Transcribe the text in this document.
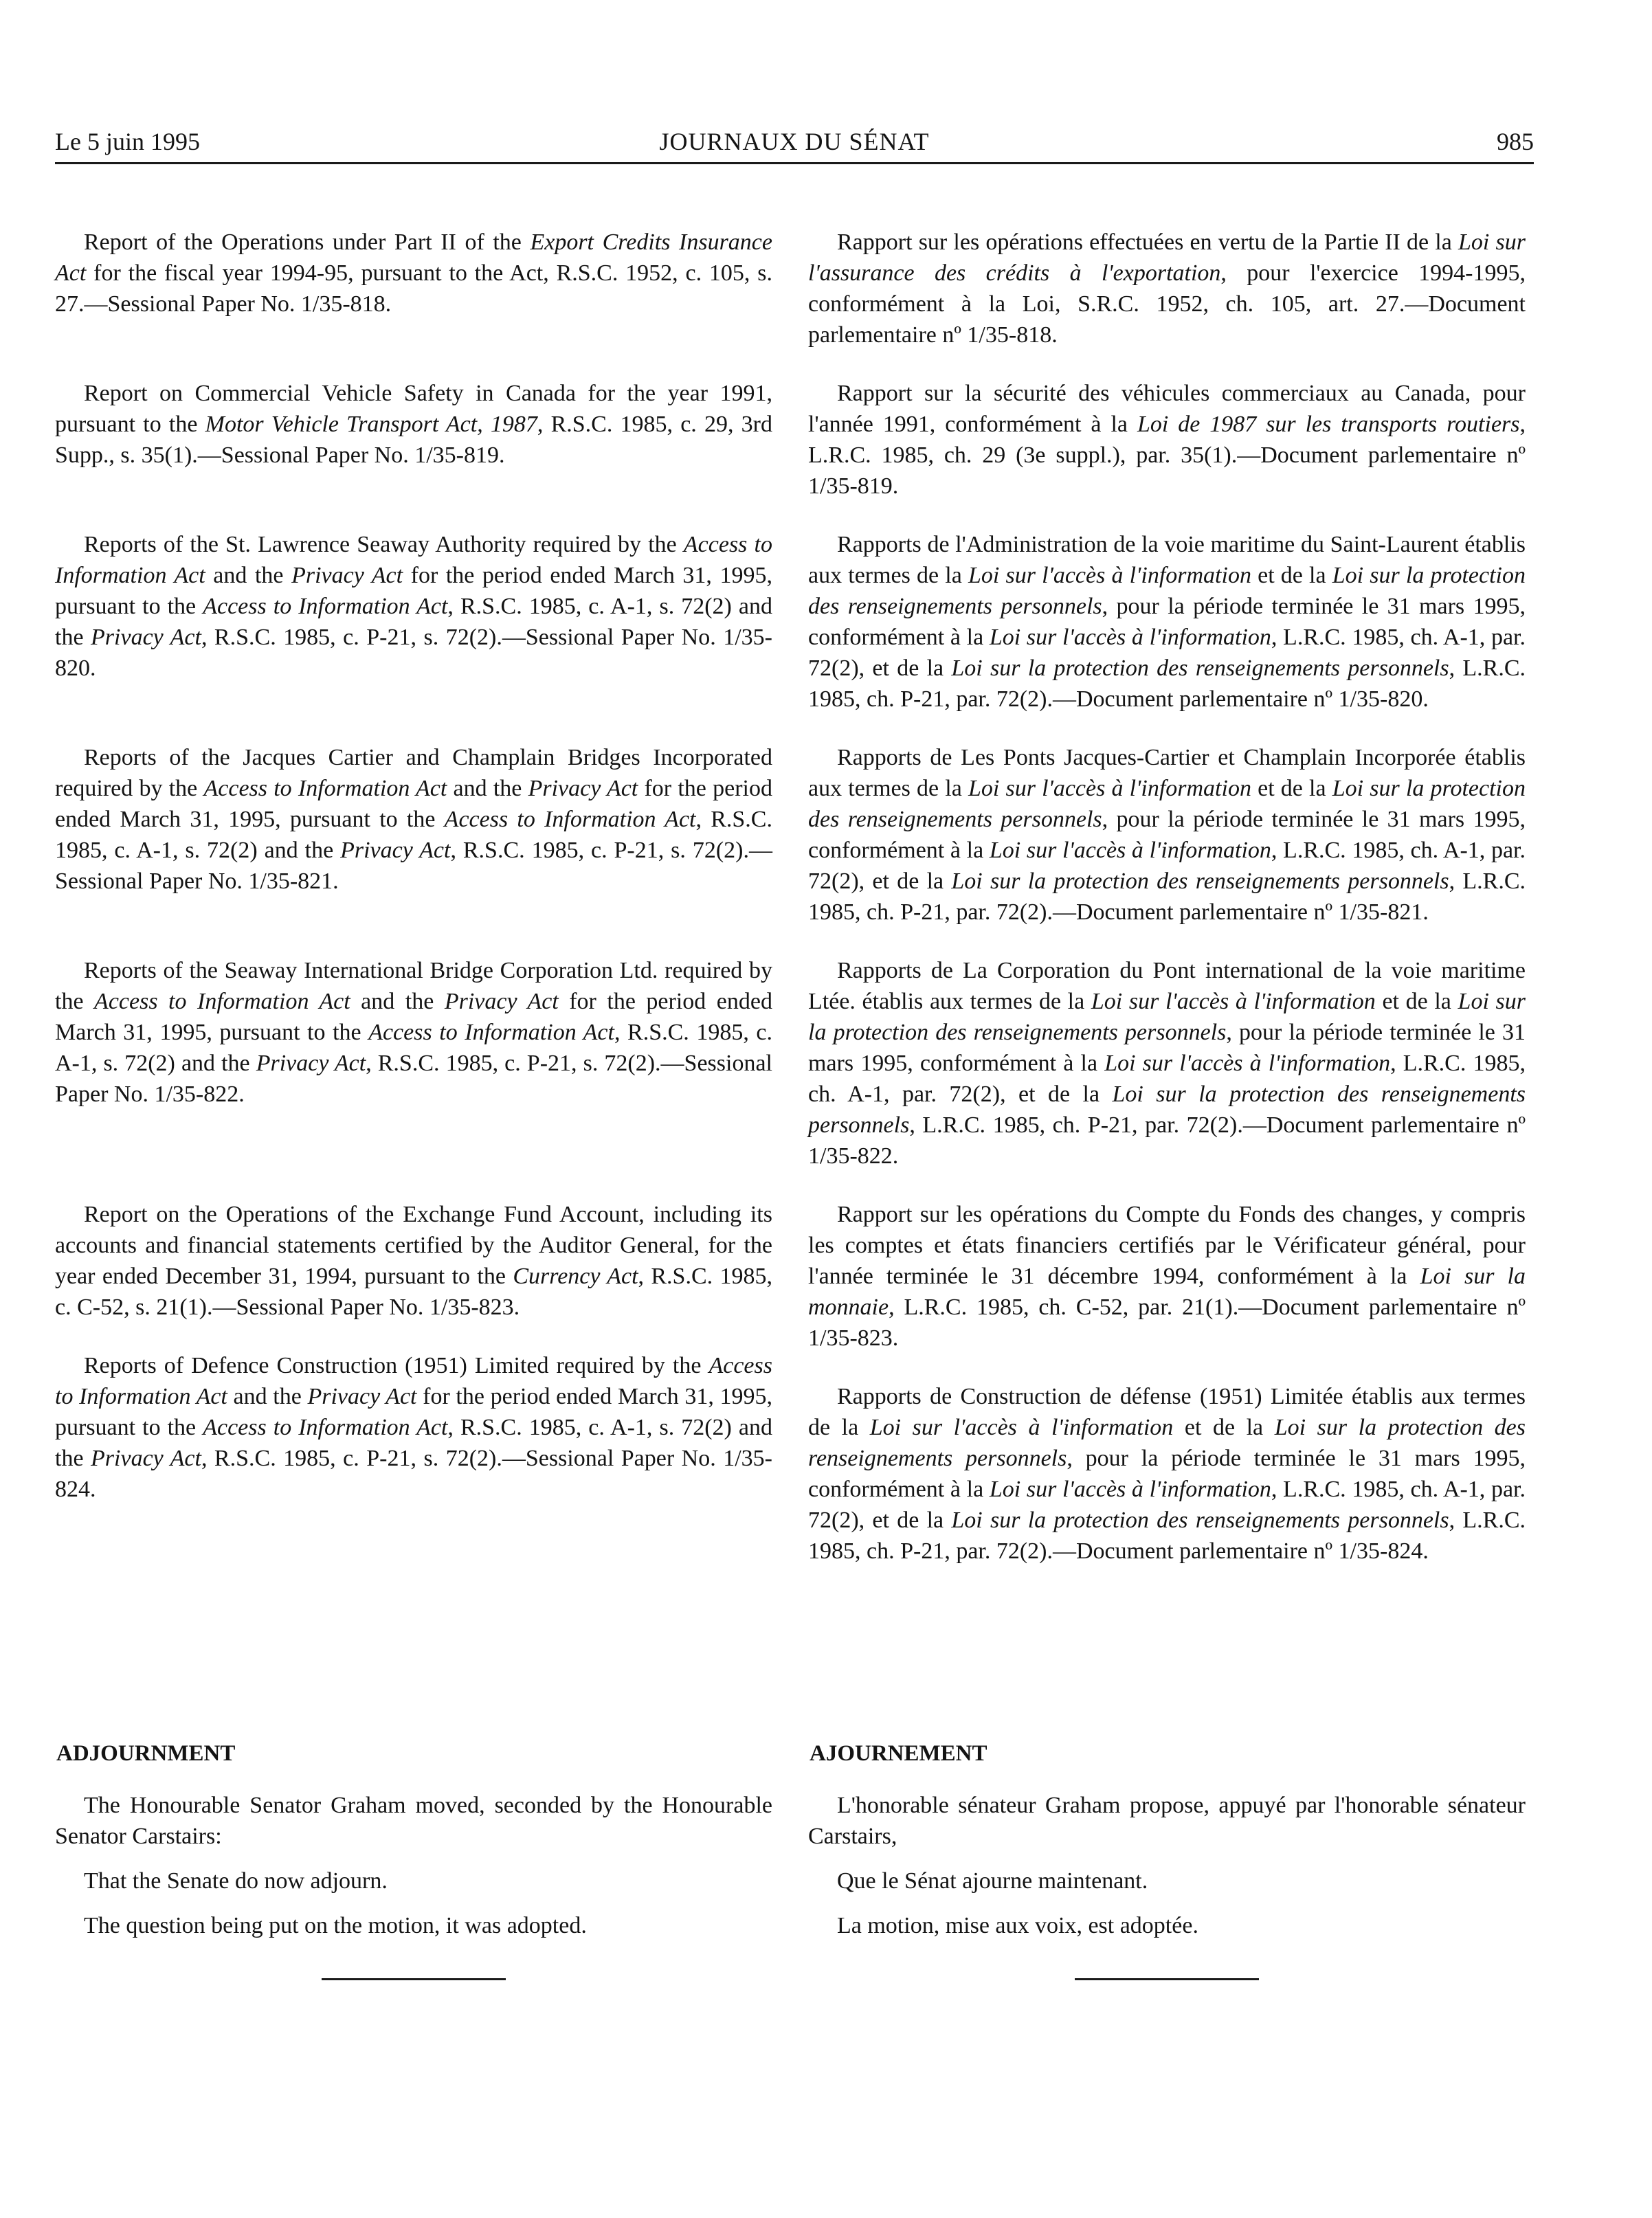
JOURNAUX DU SÉNAT
Le 5 juin 1995	985

Report of the Operations under Part II of the Export Credits Insurance Act for the fiscal year 1994-95, pursuant to the Act, R.S.C. 1952, c. 105, s. 27.—Sessional Paper No. 1/35-818.

Report on Commercial Vehicle Safety in Canada for the year 1991, pursuant to the Motor Vehicle Transport Act, 1987, R.S.C. 1985, c. 29, 3rd Supp., s. 35(1).—Sessional Paper No. 1/35-819.

Reports of the St. Lawrence Seaway Authority required by the Access to Information Act and the Privacy Act for the period ended March 31, 1995, pursuant to the Access to Information Act, R.S.C. 1985, c. A-1, s. 72(2) and the Privacy Act, R.S.C. 1985, c. P-21, s. 72(2).—Sessional Paper No. 1/35-820.

Reports of the Jacques Cartier and Champlain Bridges Incorporated required by the Access to Information Act and the Privacy Act for the period ended March 31, 1995, pursuant to the Access to Information Act, R.S.C. 1985, c. A-1, s. 72(2) and the Privacy Act, R.S.C. 1985, c. P-21, s. 72(2).—Sessional Paper No. 1/35-821.

Reports of the Seaway International Bridge Corporation Ltd. required by the Access to Information Act and the Privacy Act for the period ended March 31, 1995, pursuant to the Access to Information Act, R.S.C. 1985, c. A-1, s. 72(2) and the Privacy Act, R.S.C. 1985, c. P-21, s. 72(2).—Sessional Paper No. 1/35-822.

Report on the Operations of the Exchange Fund Account, including its accounts and financial statements certified by the Auditor General, for the year ended December 31, 1994, pursuant to the Currency Act, R.S.C. 1985, c. C-52, s. 21(1).—Sessional Paper No. 1/35-823.

Reports of Defence Construction (1951) Limited required by the Access to Information Act and the Privacy Act for the period ended March 31, 1995, pursuant to the Access to Information Act, R.S.C. 1985, c. A-1, s. 72(2) and the Privacy Act, R.S.C. 1985, c. P-21, s. 72(2).—Sessional Paper No. 1/35-824.

Rapport sur les opérations effectuées en vertu de la Partie II de la Loi sur l'assurance des crédits à l'exportation, pour l'exercice 1994-1995, conformément à la Loi, S.R.C. 1952, ch. 105, art. 27.—Document parlementaire nº 1/35-818.

Rapport sur la sécurité des véhicules commerciaux au Canada, pour l'année 1991, conformément à la Loi de 1987 sur les transports routiers, L.R.C. 1985, ch. 29 (3e suppl.), par. 35(1).—Document parlementaire nº 1/35-819.

Rapports de l'Administration de la voie maritime du Saint-Laurent établis aux termes de la Loi sur l'accès à l'information et de la Loi sur la protection des renseignements personnels, pour la période terminée le 31 mars 1995, conformément à la Loi sur l'accès à l'information, L.R.C. 1985, ch. A-1, par. 72(2), et de la Loi sur la protection des renseignements personnels, L.R.C. 1985, ch. P-21, par. 72(2).—Document parlementaire nº 1/35-820.

Rapports de Les Ponts Jacques-Cartier et Champlain Incorporée établis aux termes de la Loi sur l'accès à l'information et de la Loi sur la protection des renseignements personnels, pour la période terminée le 31 mars 1995, conformément à la Loi sur l'accès à l'information, L.R.C. 1985, ch. A-1, par. 72(2), et de la Loi sur la protection des renseignements personnels, L.R.C. 1985, ch. P-21, par. 72(2).—Document parlementaire nº 1/35-821.

Rapports de La Corporation du Pont international de la voie maritime Ltée. établis aux termes de la Loi sur l'accès à l'information et de la Loi sur la protection des renseignements personnels, pour la période terminée le 31 mars 1995, conformément à la Loi sur l'accès à l'information, L.R.C. 1985, ch. A-1, par. 72(2), et de la Loi sur la protection des renseignements personnels, L.R.C. 1985, ch. P-21, par. 72(2).—Document parlementaire nº 1/35-822.

Rapport sur les opérations du Compte du Fonds des changes, y compris les comptes et états financiers certifiés par le Vérificateur général, pour l'année terminée le 31 décembre 1994, conformément à la Loi sur la monnaie, L.R.C. 1985, ch. C-52, par. 21(1).—Document parlementaire nº 1/35-823.

Rapports de Construction de défense (1951) Limitée établis aux termes de la Loi sur l'accès à l'information et de la Loi sur la protection des renseignements personnels, pour la période terminée le 31 mars 1995, conformément à la Loi sur l'accès à l'information, L.R.C. 1985, ch. A-1, par. 72(2), et de la Loi sur la protection des renseignements personnels, L.R.C. 1985, ch. P-21, par. 72(2).—Document parlementaire nº 1/35-824.

ADJOURNMENT	AJOURNEMENT

The Honourable Senator Graham moved, seconded by the Honourable Senator Carstairs:

That the Senate do now adjourn.

The question being put on the motion, it was adopted.

L'honorable sénateur Graham propose, appuyé par l'honorable sénateur Carstairs,

Que le Sénat ajourne maintenant.

La motion, mise aux voix, est adoptée.
